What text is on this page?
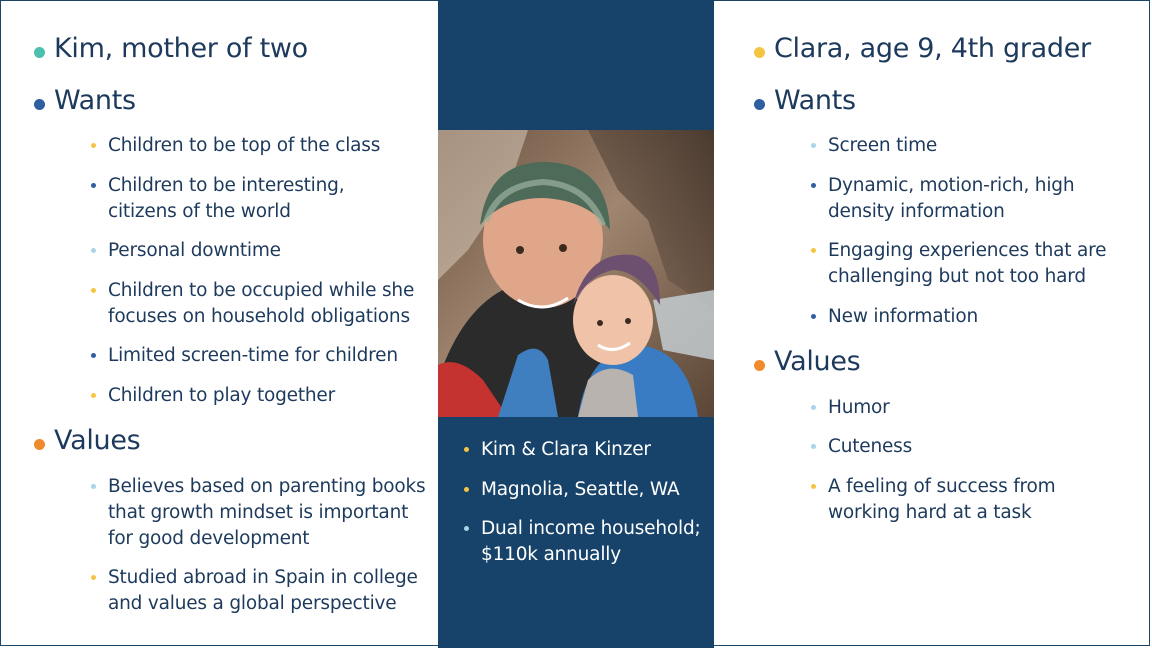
Kim, mother of two
Wants
Children to be top of the class
Children to be interesting,
citizens of the world
Personal downtime
Children to be occupied while she
focuses on household obligations
Limited screen-time for children
Children to play together
Values
Believes based on parenting books
that growth mindset is important
for good development
Studied abroad in Spain in college
and values a global perspective
Kim & Clara Kinzer
Magnolia, Seattle, WA
Dual income household;
$110k annually
Clara, age 9, 4th grader
Wants
Screen time
Dynamic, motion-rich, high
density information
Engaging experiences that are
challenging but not too hard
New information
Values
Humor
Cuteness
A feeling of success from
working hard at a task
